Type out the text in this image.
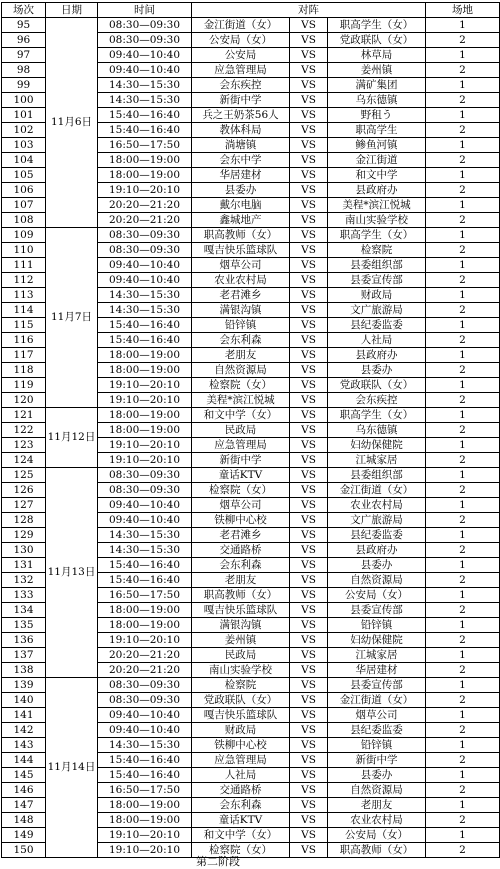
场次	日期	时间	对阵			场地
95	11月6日	08:30—09:30	金江街道（女）	VS	职高学生（女）	1
96		08:30—09:30	公安局（女）	VS	党政联队（女）	2
97		09:40—10:40	公安局	VS	林草局	1
98		09:40—10:40	应急管理局	VS	姜州镇	2
99		14:30—15:30	会东疾控	VS	满矿集团	1
100		14:30—15:30	新街中学	VS	乌东德镇	2
101		15:40—16:40	兵之王奶茶56人	VS	野租う	1
102		15:40—16:40	教体科局	VS	职高学生	2
103		16:50—17:50	淌塘镇	VS	鲹鱼河镇	1
104		18:00—19:00	会东中学	VS	金江街道	2
105		18:00—19:00	华居建材	VS	和文中学	1
106		19:10—20:10	县委办	VS	县政府办	2
107		20:20—21:20	戴尔电脑	VS	美程*滨江悦城	1
108		20:20—21:20	鑫城地产	VS	南山实验学校	2
109	11月7日	08:30—09:30	职高教师（女）	VS	职高学生（女）	1
110		08:30—09:30	嘎吉快乐篮球队	VS	检察院	2
111		09:40—10:40	烟草公司	VS	县委组织部	1
112		09:40—10:40	农业农村局	VS	县委宣传部	2
113		14:30—15:30	老君滩乡	VS	财政局	1
114		14:30—15:30	满银沟镇	VS	文广旅游局	2
115		15:40—16:40	铅锌镇	VS	县纪委监委	1
116		15:40—16:40	会东利森	VS	人社局	2
117		18:00—19:00	老朋友	VS	县政府办	1
118		18:00—19:00	自然资源局	VS	县委办	2
119		19:10—20:10	检察院（女）	VS	党政联队（女）	1
120		19:10—20:10	美程*滨江悦城	VS	会东疾控	2
121	11月12日	18:00—19:00	和文中学（女）	VS	职高学生（女）	1
122		18:00—19:00	民政局	VS	乌东德镇	2
123		19:10—20:10	应急管理局	VS	妇幼保健院	1
124		19:10—20:10	新街中学	VS	江城家居	2
125	11月13日	08:30—09:30	童话KTV	VS	县委组织部	1
126		08:30—09:30	检察院（女）	VS	金江街道（女）	2
127		09:40—10:40	烟草公司	VS	农业农村局	1
128		09:40—10:40	铁柳中心校	VS	文广旅游局	2
129		14:30—15:30	老君滩乡	VS	县纪委监委	1
130		14:30—15:30	交通路桥	VS	县政府办	2
131		15:40—16:40	会东利森	VS	县委办	1
132		15:40—16:40	老朋友	VS	自然资源局	2
133		16:50—17:50	职高教师（女）	VS	公安局（女）	1
134		18:00—19:00	嘎吉快乐篮球队	VS	县委宣传部	2
135		18:00—19:00	满银沟镇	VS	铅锌镇	1
136		19:10—20:10	姜州镇	VS	妇幼保健院	2
137		20:20—21:20	民政局	VS	江城家居	1
138		20:20—21:20	南山实验学校	VS	华居建材	2
139	11月14日	08:30—09:30	检察院	VS	县委宣传部	1
140		08:30—09:30	党政联队（女）	VS	金江街道（女）	2
141		09:40—10:40	嘎吉快乐篮球队	VS	烟草公司	1
142		09:40—10:40	财政局	VS	县纪委监委	2
143		14:30—15:30	铁柳中心校	VS	铅锌镇	1
144		15:40—16:40	应急管理局	VS	新街中学	2
145		15:40—16:40	人社局	VS	县委办	1
146		16:50—17:50	交通路桥	VS	自然资源局	2
147		18:00—19:00	会东利森	VS	老朋友	1
148		18:00—19:00	童话KTV	VS	农业农村局	2
149		19:10—20:10	和文中学（女）	VS	公安局（女）	1
150		19:10—20:10	检察院（女）	VS	职高教师（女）	2
第二阶段
